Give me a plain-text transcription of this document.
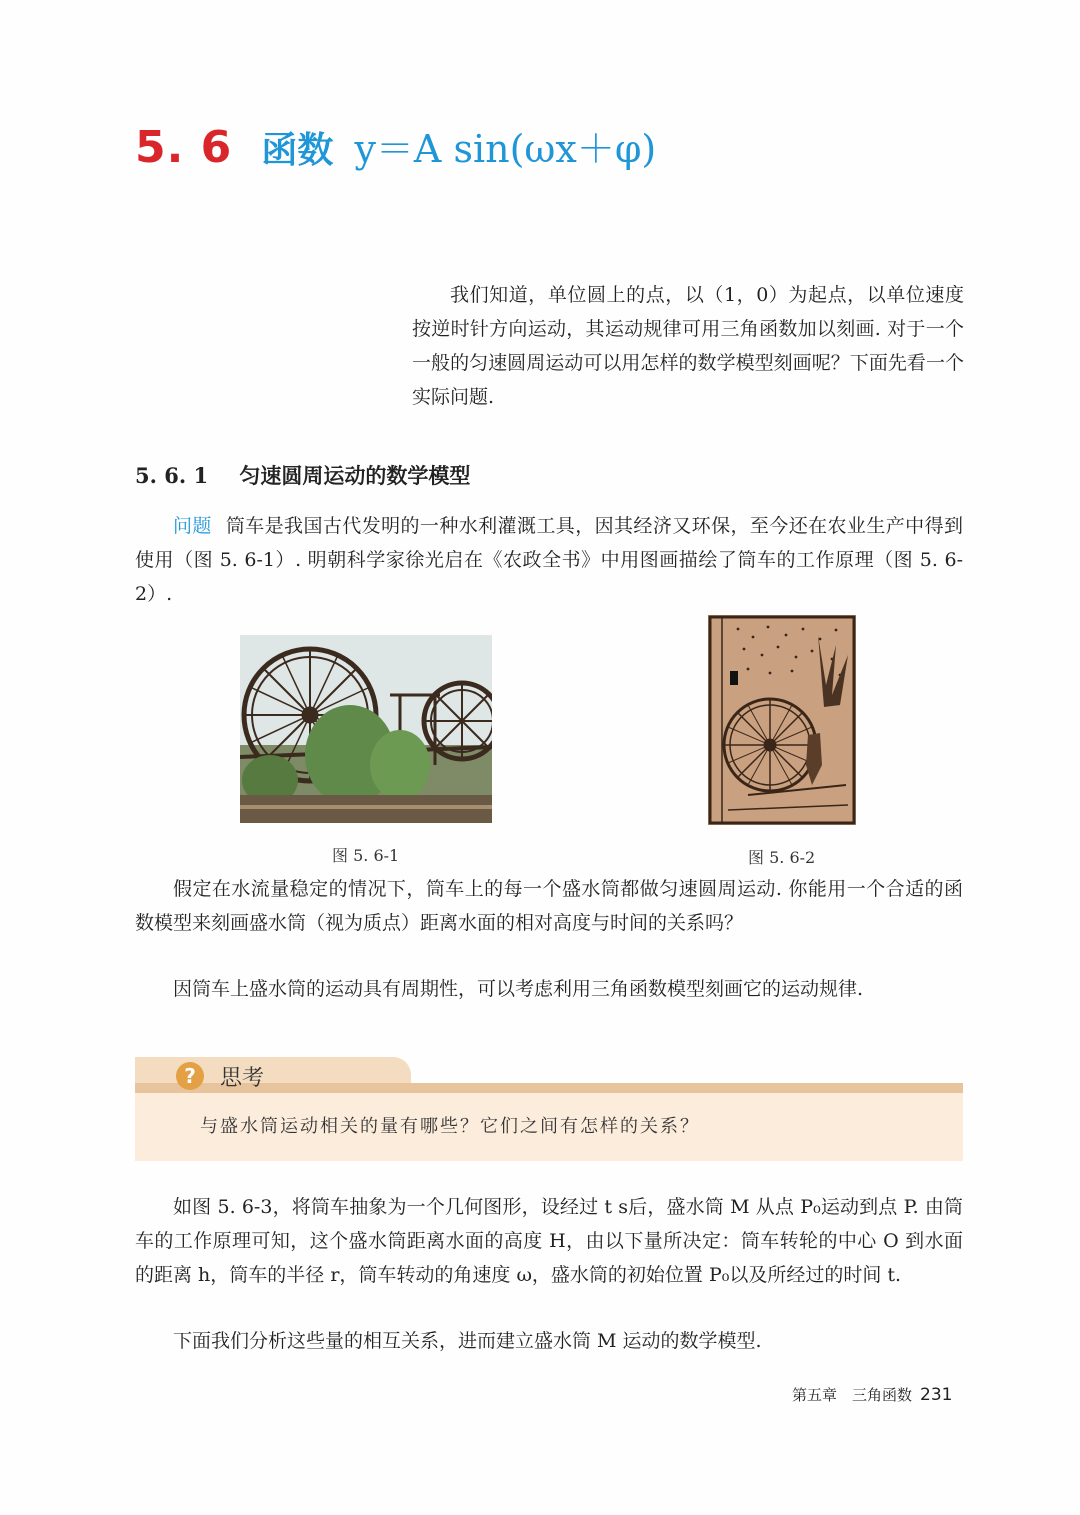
5. 6 函数 y＝A sin(ωx＋φ)

我们知道，单位圆上的点，以（1，0）为起点，以单位速度按逆时针方向运动，其运动规律可用三角函数加以刻画. 对于一个一般的匀速圆周运动可以用怎样的数学模型刻画呢？下面先看一个实际问题.

5. 6. 1 匀速圆周运动的数学模型

问题 筒车是我国古代发明的一种水利灌溉工具，因其经济又环保，至今还在农业生产中得到使用（图 5. 6-1）. 明朝科学家徐光启在《农政全书》中用图画描绘了筒车的工作原理（图 5. 6-2）.

图 5. 6-1	图 5. 6-2

假定在水流量稳定的情况下，筒车上的每一个盛水筒都做匀速圆周运动. 你能用一个合适的函数模型来刻画盛水筒（视为质点）距离水面的相对高度与时间的关系吗？

因筒车上盛水筒的运动具有周期性，可以考虑利用三角函数模型刻画它的运动规律.

?	思考
与盛水筒运动相关的量有哪些？它们之间有怎样的关系？

如图 5. 6-3，将筒车抽象为一个几何图形，设经过 t s后，盛水筒 M 从点 P₀运动到点 P. 由筒车的工作原理可知，这个盛水筒距离水面的高度 H，由以下量所决定：筒车转轮的中心 O 到水面的距离 h，筒车的半径 r，筒车转动的角速度 ω，盛水筒的初始位置 P₀以及所经过的时间 t.

下面我们分析这些量的相互关系，进而建立盛水筒 M 运动的数学模型.

第五章　三角函数 231
